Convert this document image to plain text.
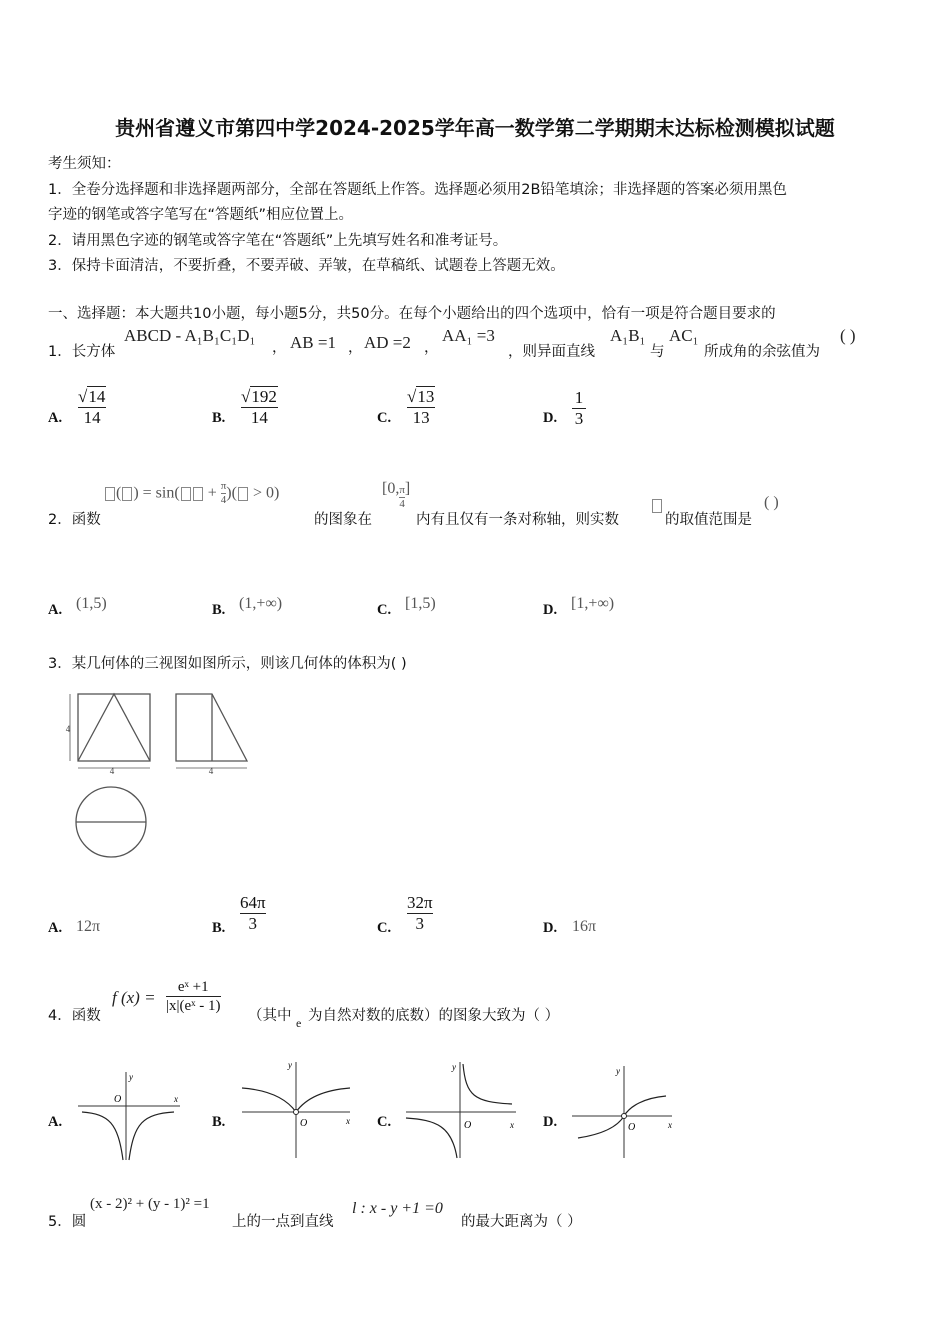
贵州省遵义市第四中学2024-2025学年高一数学第二学期期末达标检测模拟试题
考生须知：
1．全卷分选择题和非选择题两部分，全部在答题纸上作答。选择题必须用2B铅笔填涂；非选择题的答案必须用黑色
字迹的钢笔或答字笔写在“答题纸”相应位置上。
2．请用黑色字迹的钢笔或答字笔在“答题纸”上先填写姓名和准考证号。
3．保持卡面清洁，不要折叠，不要弄破、弄皱，在草稿纸、试题卷上答题无效。
一、选择题：本大题共10小题，每小题5分，共50分。在每个小题给出的四个选项中，恰有一项是符合题目要求的
1．长方体
ABCD - A₁B₁C₁D₁
， AB =1 ， AD =2 ，
AA₁ =3
，则异面直线
A₁B₁
与
AC₁
所成角的余弦值为
( )
A.
√ 14
14	B.
√ 192
14	C.
√ 13
13	D.
1
3
2．函数
( ) = $\sin( + \frac{\pi}{4}$ )( > 0)
的图象在
[0, $\frac{\pi}{4}$ ]
内有且仅有一条对称轴，则实数	的取值范围是
( )
A. (1,5)	B. (1,+∞)	C. [1,5)	D. [1,+∞)
3．某几何体的三视图如图所示，则该几何体的体积为( )
4
4	4
A. 12π	B.
64π
3	C.
32π
3	D. 16π
4．函数
f (x) =
eˣ +1
|x|(eˣ - 1)
（其中 e 为自然对数的底数）的图象大致为（ ）
A.
y
x
O
B.
y
x
O	C.
y
x
O	D.
y
x
O
5．圆
(x - 2)² + (y - 1)² =1
上的一点到直线
l : x - y +1 =0
的最大距离为（ ）
